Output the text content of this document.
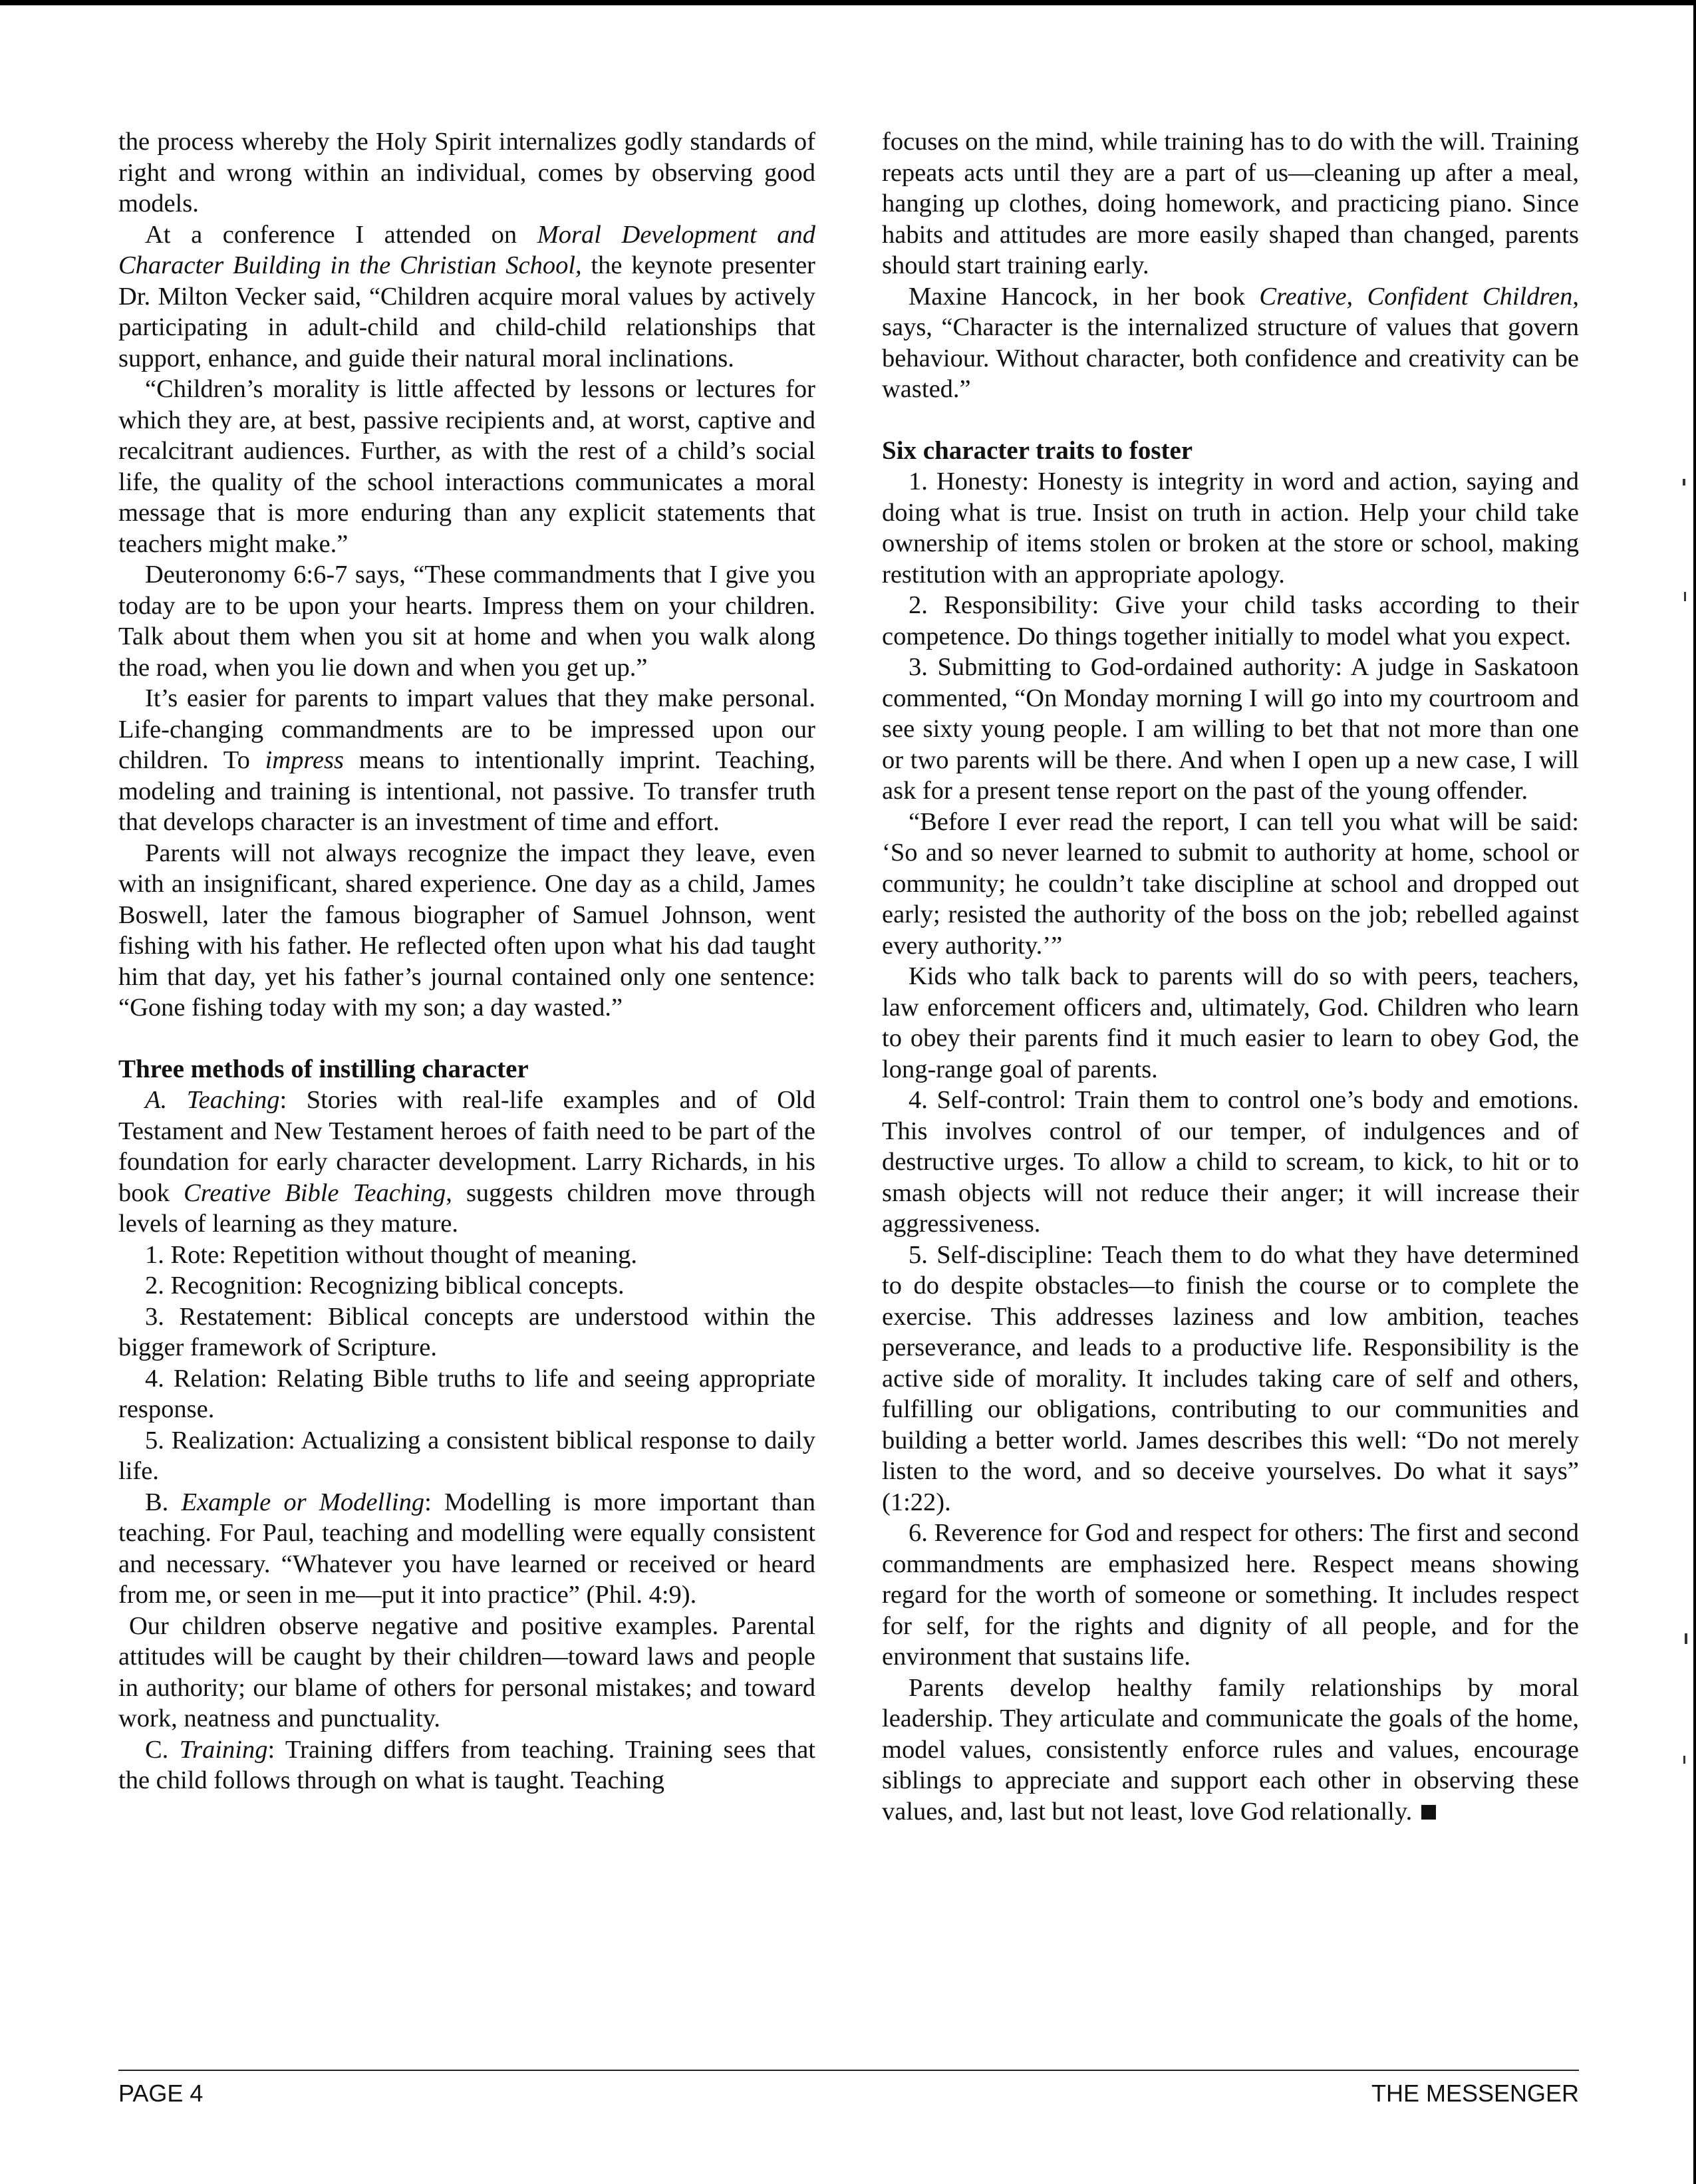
the process whereby the Holy Spirit internalizes godly standards of right and wrong within an individual, comes by observing good models.

At a conference I attended on Moral Development and Character Building in the Christian School, the keynote presenter Dr. Milton Vecker said, “Children acquire moral values by actively participating in adult-child and child-child relationships that support, enhance, and guide their natural moral inclinations.

“Children’s morality is little affected by lessons or lectures for which they are, at best, passive recipients and, at worst, captive and recalcitrant audiences. Further, as with the rest of a child’s social life, the quality of the school interactions communicates a moral message that is more enduring than any explicit statements that teachers might make.”

Deuteronomy 6:6-7 says, “These commandments that I give you today are to be upon your hearts. Impress them on your children. Talk about them when you sit at home and when you walk along the road, when you lie down and when you get up.”

It’s easier for parents to impart values that they make personal. Life-changing commandments are to be impressed upon our children. To impress means to intentionally imprint. Teaching, modeling and training is intentional, not passive. To transfer truth that develops character is an investment of time and effort.

Parents will not always recognize the impact they leave, even with an insignificant, shared experience. One day as a child, James Boswell, later the famous biographer of Samuel Johnson, went fishing with his father. He reflected often upon what his dad taught him that day, yet his father’s journal contained only one sentence: “Gone fishing today with my son; a day wasted.”

Three methods of instilling character

A. Teaching: Stories with real-life examples and of Old Testament and New Testament heroes of faith need to be part of the foundation for early character development. Larry Richards, in his book Creative Bible Teaching, suggests children move through levels of learning as they mature.

1. Rote: Repetition without thought of meaning.

2. Recognition: Recognizing biblical concepts.

3. Restatement: Biblical concepts are understood within the bigger framework of Scripture.

4. Relation: Relating Bible truths to life and seeing appropriate response.

5. Realization: Actualizing a consistent biblical response to daily life.

B. Example or Modelling: Modelling is more important than teaching. For Paul, teaching and modelling were equally consistent and necessary. “Whatever you have learned or received or heard from me, or seen in me—put it into practice” (Phil. 4:9).

Our children observe negative and positive examples. Parental attitudes will be caught by their children—toward laws and people in authority; our blame of others for personal mistakes; and toward work, neatness and punctuality.

C. Training: Training differs from teaching. Training sees that the child follows through on what is taught. Teaching

focuses on the mind, while training has to do with the will. Training repeats acts until they are a part of us—cleaning up after a meal, hanging up clothes, doing homework, and practicing piano. Since habits and attitudes are more easily shaped than changed, parents should start training early.

Maxine Hancock, in her book Creative, Confident Children, says, “Character is the internalized structure of values that govern behaviour. Without character, both confidence and creativity can be wasted.”

Six character traits to foster

1. Honesty: Honesty is integrity in word and action, saying and doing what is true. Insist on truth in action. Help your child take ownership of items stolen or broken at the store or school, making restitution with an appropriate apology.

2. Responsibility: Give your child tasks according to their competence. Do things together initially to model what you expect.

3. Submitting to God-ordained authority: A judge in Saskatoon commented, “On Monday morning I will go into my courtroom and see sixty young people. I am willing to bet that not more than one or two parents will be there. And when I open up a new case, I will ask for a present tense report on the past of the young offender.

“Before I ever read the report, I can tell you what will be said: ‘So and so never learned to submit to authority at home, school or community; he couldn’t take discipline at school and dropped out early; resisted the authority of the boss on the job; rebelled against every authority.’”

Kids who talk back to parents will do so with peers, teachers, law enforcement officers and, ultimately, God. Children who learn to obey their parents find it much easier to learn to obey God, the long-range goal of parents.

4. Self-control: Train them to control one’s body and emotions. This involves control of our temper, of indulgences and of destructive urges. To allow a child to scream, to kick, to hit or to smash objects will not reduce their anger; it will increase their aggressiveness.

5. Self-discipline: Teach them to do what they have determined to do despite obstacles—to finish the course or to complete the exercise. This addresses laziness and low ambition, teaches perseverance, and leads to a productive life. Responsibility is the active side of morality. It includes taking care of self and others, fulfilling our obligations, contributing to our communities and building a better world. James describes this well: “Do not merely listen to the word, and so deceive yourselves. Do what it says” (1:22).

6. Reverence for God and respect for others: The first and second commandments are emphasized here. Respect means showing regard for the worth of someone or something. It includes respect for self, for the rights and dignity of all people, and for the environment that sustains life.

Parents develop healthy family relationships by moral leadership. They articulate and communicate the goals of the home, model values, consistently enforce rules and values, encourage siblings to appreciate and support each other in observing these values, and, last but not least, love God relationally.

PAGE 4	THE MESSENGER
